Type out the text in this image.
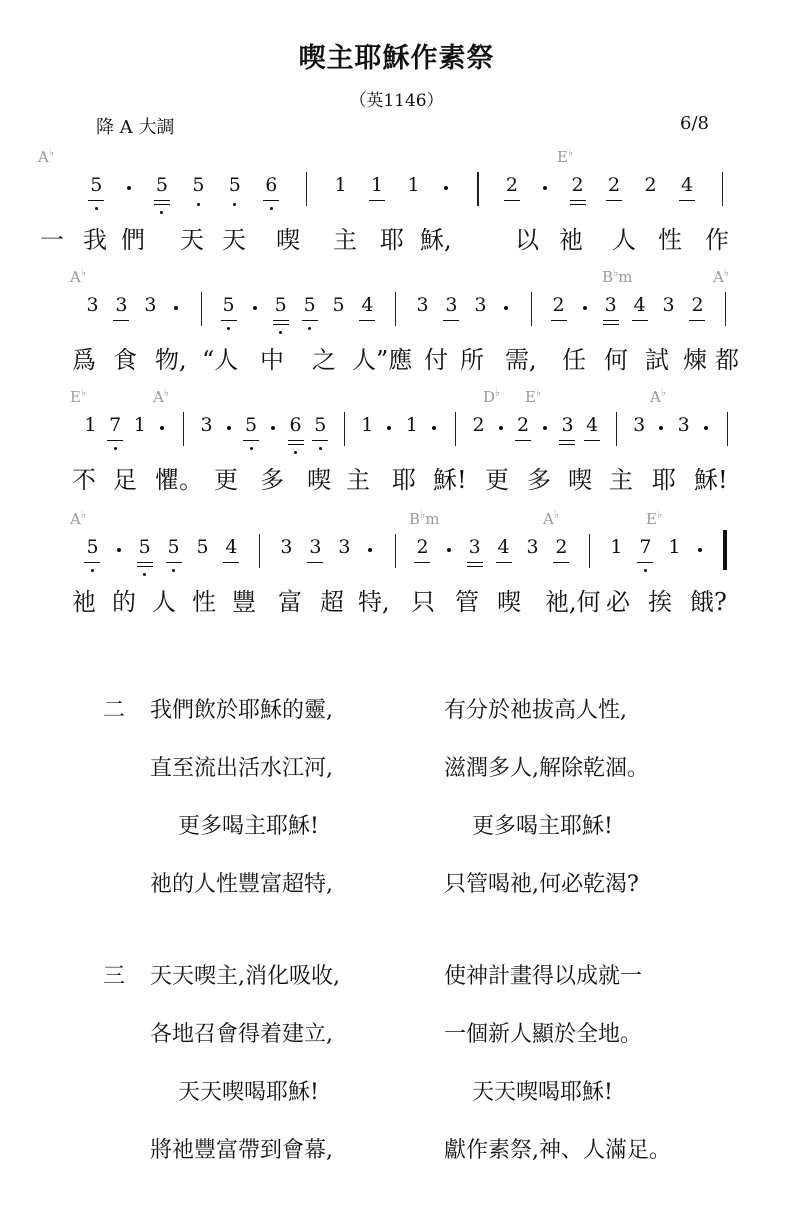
喫主耶穌作素祭
（英1146）
降 A 大調	6/8
5	5 5 5 6	1 1 1	2	2 2 2 4
A♭	E♭
一 我 們 天 天 喫 主 耶 穌,	以 祂 人 性 作
3 3 3	5 5 5 5 4 3 3 3	2 3 4 3 2
A♭	B♭m	A♭
爲 食 物, “人 中 之 人”應 付 所 需, 任 何 試 煉 都
1 7 1	3 5 6 5 1 1	2 2 3 4 3 3
E♭	A♭	D♭ E♭	A♭
不 足 懼。 更 多 喫 主 耶 穌! 更 多 喫 主 耶 穌!
5 5 5 5 4 3 3 3	2 3 4 3 2 1 7 1
B♭m	A♭	E♭
A♭
祂 的 人 性 豐 富 超 特, 只 管 喫 祂,何 必 挨 餓?
二 我們飲於耶穌的靈,	有分於祂拔高人性,
直至流出活水江河,	滋潤多人,解除乾涸。
更多喝主耶穌!	更多喝主耶穌!
祂的人性豐富超特,	只管喝祂,何必乾渴?
三 天天喫主,消化吸收,	使神計畫得以成就一
各地召會得着建立,	一個新人顯於全地。
天天喫喝耶穌!	天天喫喝耶穌!
將祂豐富帶到會幕,	獻作素祭,神、人滿足。
